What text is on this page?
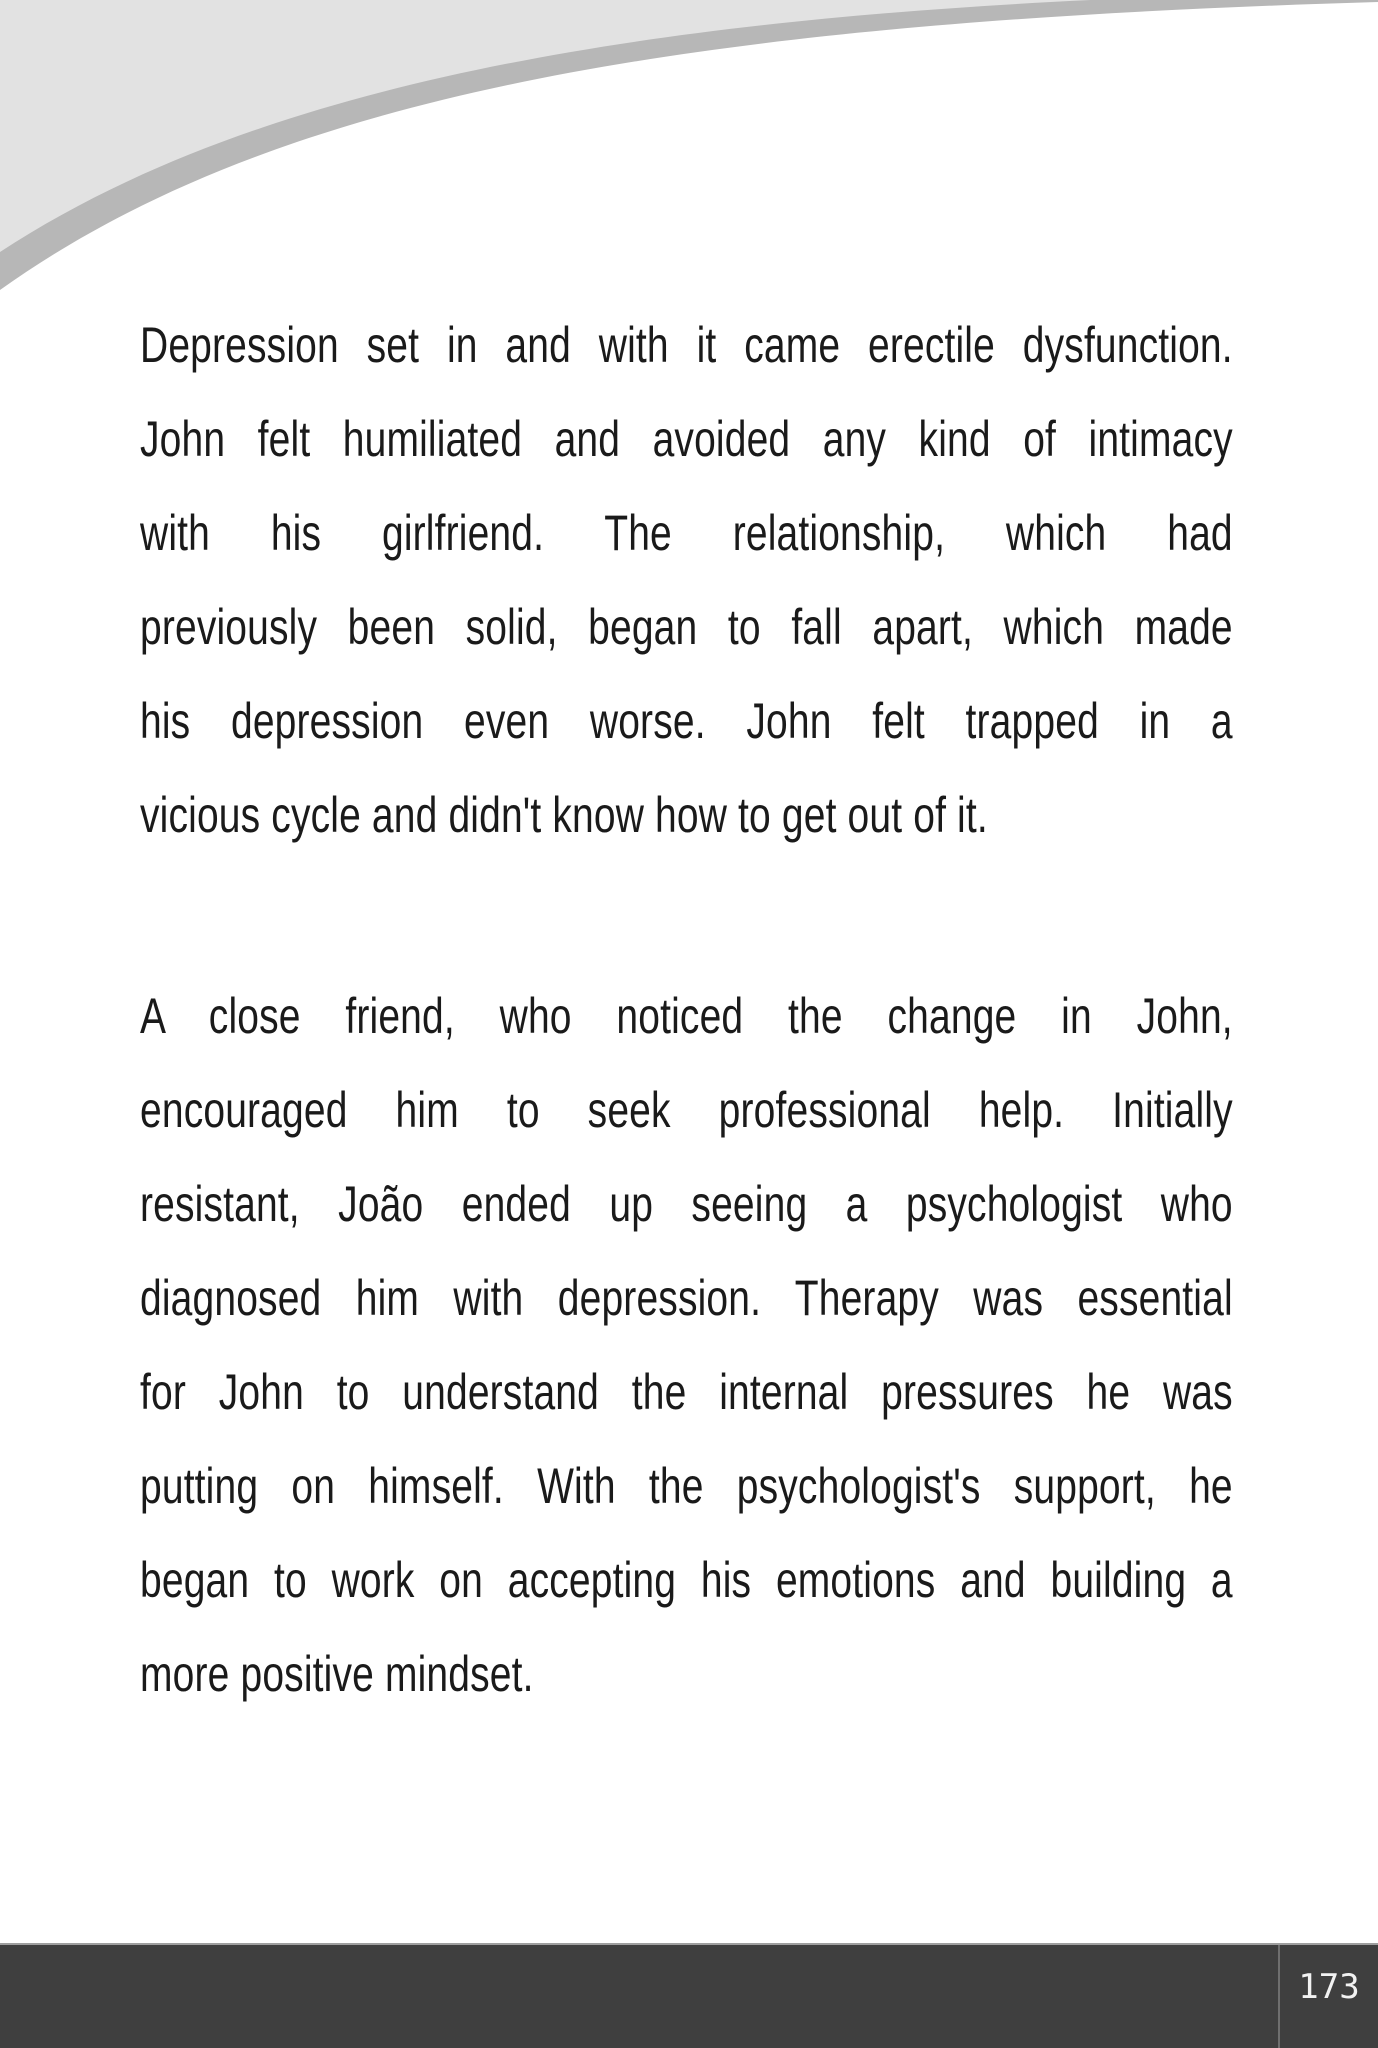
Depression set in and with it came erectile dysfunction.
John felt humiliated and avoided any kind of intimacy
with his girlfriend. The relationship, which had
previously been solid, began to fall apart, which made
his depression even worse. John felt trapped in a
vicious cycle and didn't know how to get out of it.
A close friend, who noticed the change in John,
encouraged him to seek professional help. Initially
resistant, João ended up seeing a psychologist who
diagnosed him with depression. Therapy was essential
for John to understand the internal pressures he was
putting on himself. With the psychologist's support, he
began to work on accepting his emotions and building a
more positive mindset.
173
